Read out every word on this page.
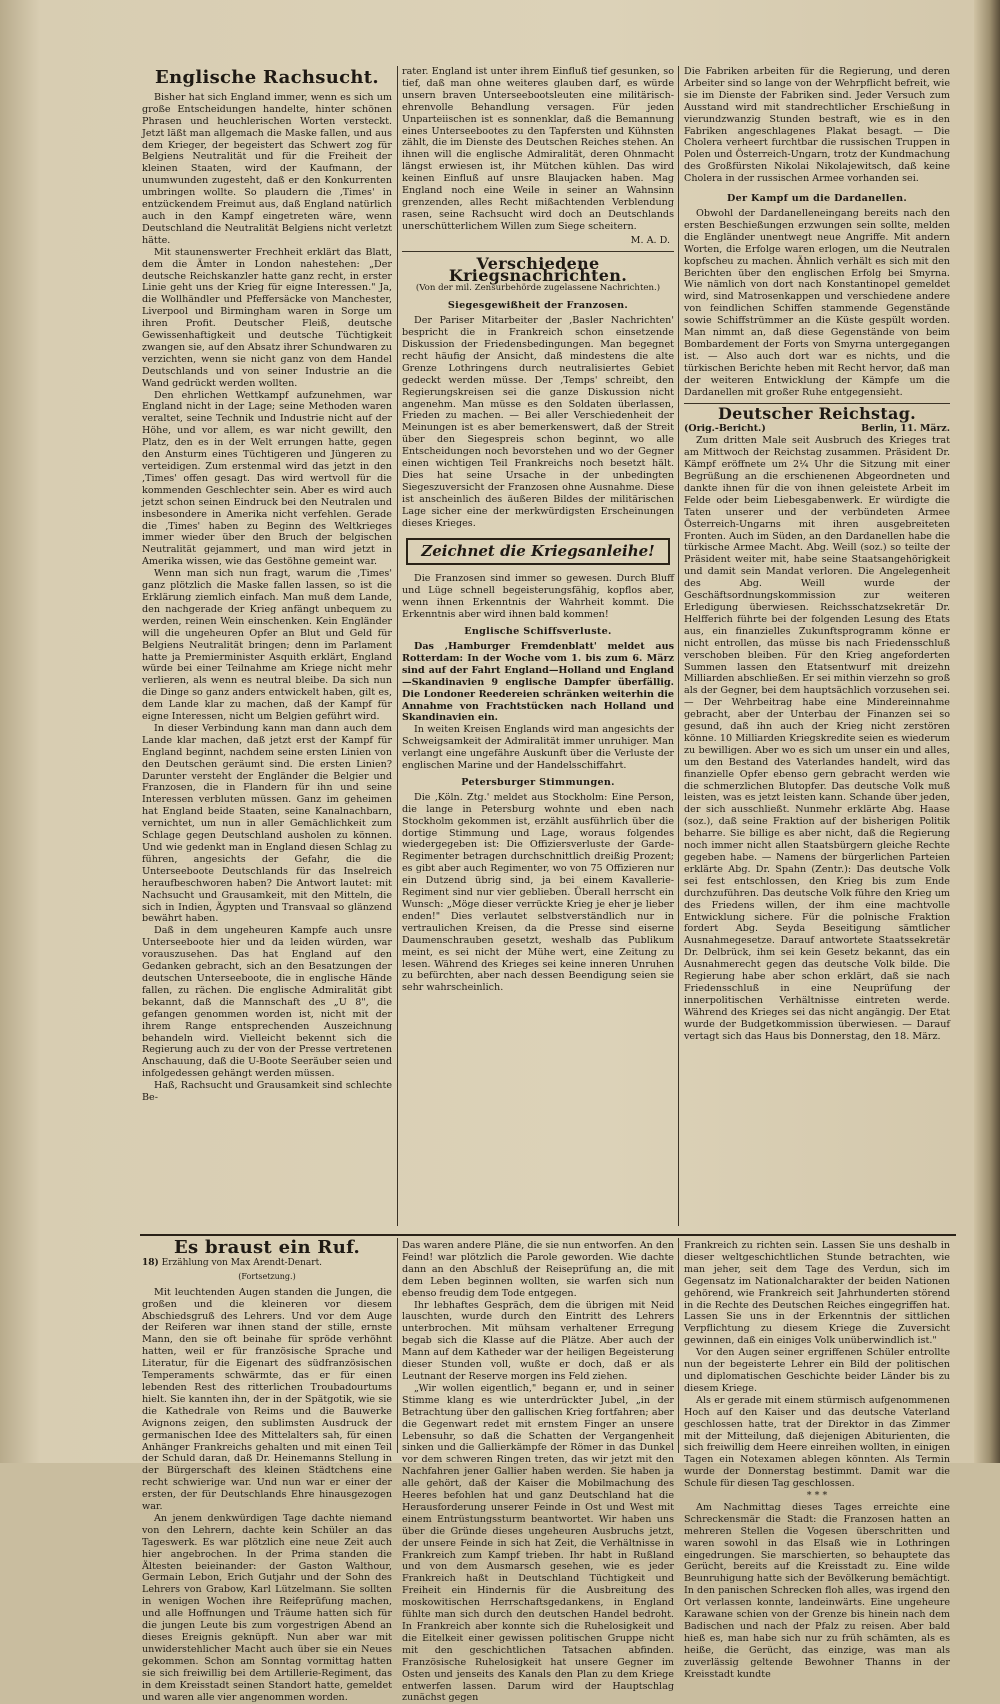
Englische Rachsucht.

Bisher hat sich England immer, wenn es sich um große Entscheidungen handelte, hinter schönen Phrasen und heuchlerischen Worten versteckt. Jetzt läßt man allgemach die Maske fallen, und aus dem Krieger, der begeistert das Schwert zog für Belgiens Neutralität und für die Freiheit der kleinen Staaten, wird der Kaufmann, der unumwunden zugesteht, daß er den Konkurrenten umbringen wollte. So plaudern die ‚Times' in entzückendem Freimut aus, daß England natürlich auch in den Kampf eingetreten wäre, wenn Deutschland die Neutralität Belgiens nicht verletzt hätte.

Mit staunenswerter Frechheit erklärt das Blatt, dem die Ämter in London nahestehen: „Der deutsche Reichskanzler hatte ganz recht, in erster Linie geht uns der Krieg für eigne Interessen." Ja, die Wollhändler und Pfeffersäcke von Manchester, Liverpool und Birmingham waren in Sorge um ihren Profit. Deutscher Fleiß, deutsche Gewissenhaftigkeit und deutsche Tüchtigkeit zwangen sie, auf den Absatz ihrer Schundwaren zu verzichten, wenn sie nicht ganz von dem Handel Deutschlands und von seiner Industrie an die Wand gedrückt werden wollten.

Den ehrlichen Wettkampf aufzunehmen, war England nicht in der Lage; seine Methoden waren veraltet, seine Technik und Industrie nicht auf der Höhe, und vor allem, es war nicht gewillt, den Platz, den es in der Welt errungen hatte, gegen den Ansturm eines Tüchtigeren und Jüngeren zu verteidigen. Zum erstenmal wird das jetzt in den ‚Times' offen gesagt. Das wird wertvoll für die kommenden Geschlechter sein. Aber es wird auch jetzt schon seinen Eindruck bei den Neutralen und insbesondere in Amerika nicht verfehlen. Gerade die ‚Times' haben zu Beginn des Weltkrieges immer wieder über den Bruch der belgischen Neutralität gejammert, und man wird jetzt in Amerika wissen, wie das Gestöhne gemeint war.

Wenn man sich nun fragt, warum die ‚Times' ganz plötzlich die Maske fallen lassen, so ist die Erklärung ziemlich einfach. Man muß dem Lande, den nachgerade der Krieg anfängt unbequem zu werden, reinen Wein einschenken. Kein Engländer will die ungeheuren Opfer an Blut und Geld für Belgiens Neutralität bringen; denn im Parlament hatte ja Premierminister Asquith erklärt, England würde bei einer Teilnahme am Kriege nicht mehr verlieren, als wenn es neutral bleibe. Da sich nun die Dinge so ganz anders entwickelt haben, gilt es, dem Lande klar zu machen, daß der Kampf für eigne Interessen, nicht um Belgien geführt wird.

In dieser Verbindung kann man dann auch dem Lande klar machen, daß jetzt erst der Kampf für England beginnt, nachdem seine ersten Linien von den Deutschen geräumt sind. Die ersten Linien? Darunter versteht der Engländer die Belgier und Franzosen, die in Flandern für ihn und seine Interessen verbluten müssen. Ganz im geheimen hat England beide Staaten, seine Kanalnachbarn, vernichtet, um nun in aller Gemächlichkeit zum Schlage gegen Deutschland ausholen zu können. Und wie gedenkt man in England diesen Schlag zu führen, angesichts der Gefahr, die die Unterseeboote Deutschlands für das Inselreich heraufbeschworen haben? Die Antwort lautet: mit Nachsucht und Grausamkeit, mit den Mitteln, die sich in Indien, Ägypten und Transvaal so glänzend bewährt haben.

Daß in dem ungeheuren Kampfe auch unsre Unterseeboote hier und da leiden würden, war vorauszusehen. Das hat England auf den Gedanken gebracht, sich an den Besatzungen der deutschen Unterseeboote, die in englische Hände fallen, zu rächen. Die englische Admiralität gibt bekannt, daß die Mannschaft des „U 8", die gefangen genommen worden ist, nicht mit der ihrem Range entsprechenden Auszeichnung behandeln wird. Vielleicht bekennt sich die Regierung auch zu der von der Presse vertretenen Anschauung, daß die U-Boote Seeräuber seien und infolgedessen gehängt werden müssen.

Haß, Rachsucht und Grausamkeit sind schlechte Be-

rater. England ist unter ihrem Einfluß tief gesunken, so tief, daß man ohne weiteres glauben darf, es würde unsern braven Unterseebootsleuten eine militärisch-ehrenvolle Behandlung versagen. Für jeden Unparteiischen ist es sonnenklar, daß die Bemannung eines Unterseebootes zu den Tapfersten und Kühnsten zählt, die im Dienste des Deutschen Reiches stehen. An ihnen will die englische Admiralität, deren Ohnmacht längst erwiesen ist, ihr Mütchen kühlen. Das wird keinen Einfluß auf unsre Blaujacken haben. Mag England noch eine Weile in seiner an Wahnsinn grenzenden, alles Recht mißachtenden Verblendung rasen, seine Rachsucht wird doch an Deutschlands unerschütterlichem Willen zum Siege scheitern.

M. A. D.
Verschiedene Kriegsnachrichten.
(Von der mil. Zensurbehörde zugelassene Nachrichten.)
Siegesgewißheit der Franzosen.

Der Pariser Mitarbeiter der ‚Basler Nachrichten' bespricht die in Frankreich schon einsetzende Diskussion der Friedensbedingungen. Man begegnet recht häufig der Ansicht, daß mindestens die alte Grenze Lothringens durch neutralisiertes Gebiet gedeckt werden müsse. Der ‚Temps' schreibt, den Regierungskreisen sei die ganze Diskussion nicht angenehm. Man müsse es den Soldaten überlassen, Frieden zu machen. — Bei aller Verschiedenheit der Meinungen ist es aber bemerkenswert, daß der Streit über den Siegespreis schon beginnt, wo alle Entscheidungen noch bevorstehen und wo der Gegner einen wichtigen Teil Frankreichs noch besetzt hält. Dies hat seine Ursache in der unbedingten Siegeszuversicht der Franzosen ohne Ausnahme. Diese ist anscheinlich des äußeren Bildes der militärischen Lage sicher eine der merkwürdigsten Erscheinungen dieses Krieges.

Zeichnet die Kriegsanleihe!

Die Franzosen sind immer so gewesen. Durch Bluff und Lüge schnell begeisterungsfähig, kopflos aber, wenn ihnen Erkenntnis der Wahrheit kommt. Die Erkenntnis aber wird ihnen bald kommen!

Englische Schiffsverluste.

Das ‚Hamburger Fremdenblatt' meldet aus Rotterdam: In der Woche vom 1. bis zum 6. März sind auf der Fahrt England—Holland und England—Skandinavien 9 englische Dampfer überfällig. Die Londoner Reedereien schränken weiterhin die Annahme von Frachtstücken nach Holland und Skandinavien ein.

In weiten Kreisen Englands wird man angesichts der Schweigsamkeit der Admiralität immer unruhiger. Man verlangt eine ungefähre Auskunft über die Verluste der englischen Marine und der Handelsschiffahrt.

Petersburger Stimmungen.

Die ‚Köln. Ztg.' meldet aus Stockholm: Eine Person, die lange in Petersburg wohnte und eben nach Stockholm gekommen ist, erzählt ausführlich über die dortige Stimmung und Lage, woraus folgendes wiedergegeben ist: Die Offiziersverluste der Garde-Regimenter betragen durchschnittlich dreißig Prozent; es gibt aber auch Regimenter, wo von 75 Offizieren nur ein Dutzend übrig sind, ja bei einem Kavallerie-Regiment sind nur vier geblieben. Überall herrscht ein Wunsch: „Möge dieser verrückte Krieg je eher je lieber enden!" Dies verlautet selbstverständlich nur in vertraulichen Kreisen, da die Presse sind eiserne Daumenschrauben gesetzt, weshalb das Publikum meint, es sei nicht der Mühe wert, eine Zeitung zu lesen. Während des Krieges sei keine inneren Unruhen zu befürchten, aber nach dessen Beendigung seien sie sehr wahrscheinlich.

Die Fabriken arbeiten für die Regierung, und deren Arbeiter sind so lange von der Wehrpflicht befreit, wie sie im Dienste der Fabriken sind. Jeder Versuch zum Ausstand wird mit standrechtlicher Erschießung in vierundzwanzig Stunden bestraft, wie es in den Fabriken angeschlagenes Plakat besagt. — Die Cholera verheert furchtbar die russischen Truppen in Polen und Österreich-Ungarn, trotz der Kundmachung des Großfürsten Nikolai Nikolajewitsch, daß keine Cholera in der russischen Armee vorhanden sei.

Der Kampf um die Dardanellen.

Obwohl der Dardanelleneingang bereits nach den ersten Beschießungen erzwungen sein sollte, melden die Engländer unentwegt neue Angriffe. Mit andern Worten, die Erfolge waren erlogen, um die Neutralen kopfscheu zu machen. Ähnlich verhält es sich mit den Berichten über den englischen Erfolg bei Smyrna. Wie nämlich von dort nach Konstantinopel gemeldet wird, sind Matrosenkappen und verschiedene andere von feindlichen Schiffen stammende Gegenstände sowie Schiffstrümmer an die Küste gespült worden. Man nimmt an, daß diese Gegenstände von beim Bombardement der Forts von Smyrna untergegangen ist. — Also auch dort war es nichts, und die türkischen Berichte heben mit Recht hervor, daß man der weiteren Entwicklung der Kämpfe um die Dardanellen mit großer Ruhe entgegensieht.

Deutscher Reichstag.
(Orig.-Bericht.)	Berlin, 11. März.

Zum dritten Male seit Ausbruch des Krieges trat am Mittwoch der Reichstag zusammen. Präsident Dr. Kämpf eröffnete um 2¼ Uhr die Sitzung mit einer Begrüßung an die erschienenen Abgeordneten und dankte ihnen für die von ihnen geleistete Arbeit im Felde oder beim Liebesgabenwerk. Er würdigte die Taten unserer und der verbündeten Armee Österreich-Ungarns mit ihren ausgebreiteten Fronten. Auch im Süden, an den Dardanellen habe die türkische Armee Macht. Abg. Weill (soz.) so teilte der Präsident weiter mit, habe seine Staatsangehörigkeit und damit sein Mandat verloren. Die Angelegenheit des Abg. Weill wurde der Geschäftsordnungskommission zur weiteren Erledigung überwiesen. Reichsschatzsekretär Dr. Helfferich führte bei der folgenden Lesung des Etats aus, ein finanzielles Zukunftsprogramm könne er nicht entrollen, das müsse bis nach Friedensschluß verschoben bleiben. Für den Krieg angeforderten Summen lassen den Etatsentwurf mit dreizehn Milliarden abschließen. Er sei mithin vierzehn so groß als der Gegner, bei dem hauptsächlich vorzusehen sei. — Der Wehrbeitrag habe eine Mindereinnahme gebracht, aber der Unterbau der Finanzen sei so gesund, daß ihn auch der Krieg nicht zerstören könne. 10 Milliarden Kriegskredite seien es wiederum zu bewilligen. Aber wo es sich um unser ein und alles, um den Bestand des Vaterlandes handelt, wird das finanzielle Opfer ebenso gern gebracht werden wie die schmerzlichen Blutopfer. Das deutsche Volk muß leisten, was es jetzt leisten kann. Schande über jeden, der sich ausschließt. Nunmehr erklärte Abg. Haase (soz.), daß seine Fraktion auf der bisherigen Politik beharre. Sie billige es aber nicht, daß die Regierung noch immer nicht allen Staatsbürgern gleiche Rechte gegeben habe. — Namens der bürgerlichen Parteien erklärte Abg. Dr. Spahn (Zentr.): Das deutsche Volk sei fest entschlossen, den Krieg bis zum Ende durchzuführen. Das deutsche Volk führe den Krieg um des Friedens willen, der ihm eine machtvolle Entwicklung sichere. Für die polnische Fraktion fordert Abg. Seyda Beseitigung sämtlicher Ausnahmegesetze. Darauf antwortete Staatssekretär Dr. Delbrück, ihm sei kein Gesetz bekannt, das ein Ausnahmerecht gegen das deutsche Volk bilde. Die Regierung habe aber schon erklärt, daß sie nach Friedensschluß in eine Neuprüfung der innerpolitischen Verhältnisse eintreten werde. Während des Krieges sei das nicht angängig. Der Etat wurde der Budgetkommission überwiesen. — Darauf vertagt sich das Haus bis Donnerstag, den 18. März.

Es braust ein Ruf.
18) Erzählung von Max Arendt-Denart.
(Fortsetzung.)

Mit leuchtenden Augen standen die Jungen, die großen und die kleineren vor diesem Abschiedsgruß des Lehrers. Und vor dem Auge der Reiferen war ihnen stand der stille, ernste Mann, den sie oft beinahe für spröde verhöhnt hatten, weil er für französische Sprache und Literatur, für die Eigenart des südfranzösischen Temperaments schwärmte, das er für einen lebenden Rest des ritterlichen Troubadourtums hielt. Sie kannten ihn, der in der Spätgotik, wie sie die Kathedrale von Reims und die Bauwerke Avignons zeigen, den sublimsten Ausdruck der germanischen Idee des Mittelalters sah, für einen Anhänger Frankreichs gehalten und mit einen Teil der Schuld daran, daß Dr. Heinemanns Stellung in der Bürgerschaft des kleinen Städtchens eine recht schwierige war. Und nun war er einer der ersten, der für Deutschlands Ehre hinausgezogen war.

An jenem denkwürdigen Tage dachte niemand von den Lehrern, dachte kein Schüler an das Tageswerk. Es war plötzlich eine neue Zeit auch hier angebrochen. In der Prima standen die Ältesten beieinander: der Gaston Walthour, Germain Lebon, Erich Gutjahr und der Sohn des Lehrers von Grabow, Karl Lützelmann. Sie sollten in wenigen Wochen ihre Reifeprüfung machen, und alle Hoffnungen und Träume hatten sich für die jungen Leute bis zum vorgestrigen Abend an dieses Ereignis geknüpft. Nun aber war mit unwiderstehlicher Macht auch über sie ein Neues gekommen. Schon am Sonntag vormittag hatten sie sich freiwillig bei dem Artillerie-Regiment, das in dem Kreisstadt seinen Standort hatte, gemeldet und waren alle vier angenommen worden.

Das waren andere Pläne, die sie nun entworfen. An den Feind! war plötzlich die Parole geworden. Wie dachte dann an den Abschluß der Reiseprüfung an, die mit dem Leben beginnen wollten, sie warfen sich nun ebenso freudig dem Tode entgegen.

Ihr lebhaftes Gespräch, dem die übrigen mit Neid lauschten, wurde durch den Eintritt des Lehrers unterbrochen. Mit mühsam verhaltener Erregung begab sich die Klasse auf die Plätze. Aber auch der Mann auf dem Katheder war der heiligen Begeisterung dieser Stunden voll, wußte er doch, daß er als Leutnant der Reserve morgen ins Feld ziehen.

„Wir wollen eigentlich," begann er, und in seiner Stimme klang es wie unterdrückter Jubel, „in der Betrachtung über den gallischen Krieg fortfahren; aber die Gegenwart redet mit ernstem Finger an unsere Lebensuhr, so daß die Schatten der Vergangenheit sinken und die Gallierkämpfe der Römer in das Dunkel vor dem schweren Ringen treten, das wir jetzt mit den Nachfahren jener Gallier haben werden. Sie haben ja alle gehört, daß der Kaiser die Mobilmachung des Heeres befohlen hat und ganz Deutschland hat die Herausforderung unserer Feinde in Ost und West mit einem Entrüstungssturm beantwortet. Wir haben uns über die Gründe dieses ungeheuren Ausbruchs jetzt, der unsere Feinde in sich hat Zeit, die Verhältnisse in Frankreich zum Kampf trieben. Ihr habt in Rußland und von dem Ausmarsch gesehen, wie es jeder Frankreich haßt in Deutschland Tüchtigkeit und Freiheit ein Hindernis für die Ausbreitung des moskowitischen Herrschaftsgedankens, in England fühlte man sich durch den deutschen Handel bedroht. In Frankreich aber konnte sich die Ruhelosigkeit und die Eitelkeit einer gewissen politischen Gruppe nicht mit den geschichtlichen Tatsachen abfinden. Französische Ruhelosigkeit hat unsere Gegner im Osten und jenseits des Kanals den Plan zu dem Kriege entwerfen lassen. Darum wird der Hauptschlag zunächst gegen

Frankreich zu richten sein. Lassen Sie uns deshalb in dieser weltgeschichtlichen Stunde betrachten, wie man jeher, seit dem Tage des Verdun, sich im Gegensatz im Nationalcharakter der beiden Nationen gehörend, wie Frankreich seit Jahrhunderten störend in die Rechte des Deutschen Reiches eingegriffen hat. Lassen Sie uns in der Erkenntnis der sittlichen Verpflichtung zu diesem Kriege die Zuversicht gewinnen, daß ein einiges Volk unüberwindlich ist."

Vor den Augen seiner ergriffenen Schüler entrollte nun der begeisterte Lehrer ein Bild der politischen und diplomatischen Geschichte beider Länder bis zu diesem Kriege.

Als er gerade mit einem stürmisch aufgenommenen Hoch auf den Kaiser und das deutsche Vaterland geschlossen hatte, trat der Direktor in das Zimmer mit der Mitteilung, daß diejenigen Abiturienten, die sich freiwillig dem Heere einreihen wollten, in einigen Tagen ein Notexamen ablegen könnten. Als Termin wurde der Donnerstag bestimmt. Damit war die Schule für diesen Tag geschlossen.

* * *

Am Nachmittag dieses Tages erreichte eine Schreckensmär die Stadt: die Franzosen hatten an mehreren Stellen die Vogesen überschritten und waren sowohl in das Elsaß wie in Lothringen eingedrungen. Sie marschierten, so behauptete das Gerücht, bereits auf die Kreisstadt zu. Eine wilde Beunruhigung hatte sich der Bevölkerung bemächtigt. In den panischen Schrecken floh alles, was irgend den Ort verlassen konnte, landeinwärts. Eine ungeheure Karawane schien von der Grenze bis hinein nach dem Badischen und nach der Pfalz zu reisen. Aber bald hieß es, man habe sich nur zu früh schämten, als es heiße, die Gerücht, das einzige, was man als zuverlässig geltende Bewohner Thanns in der Kreisstadt kundte
